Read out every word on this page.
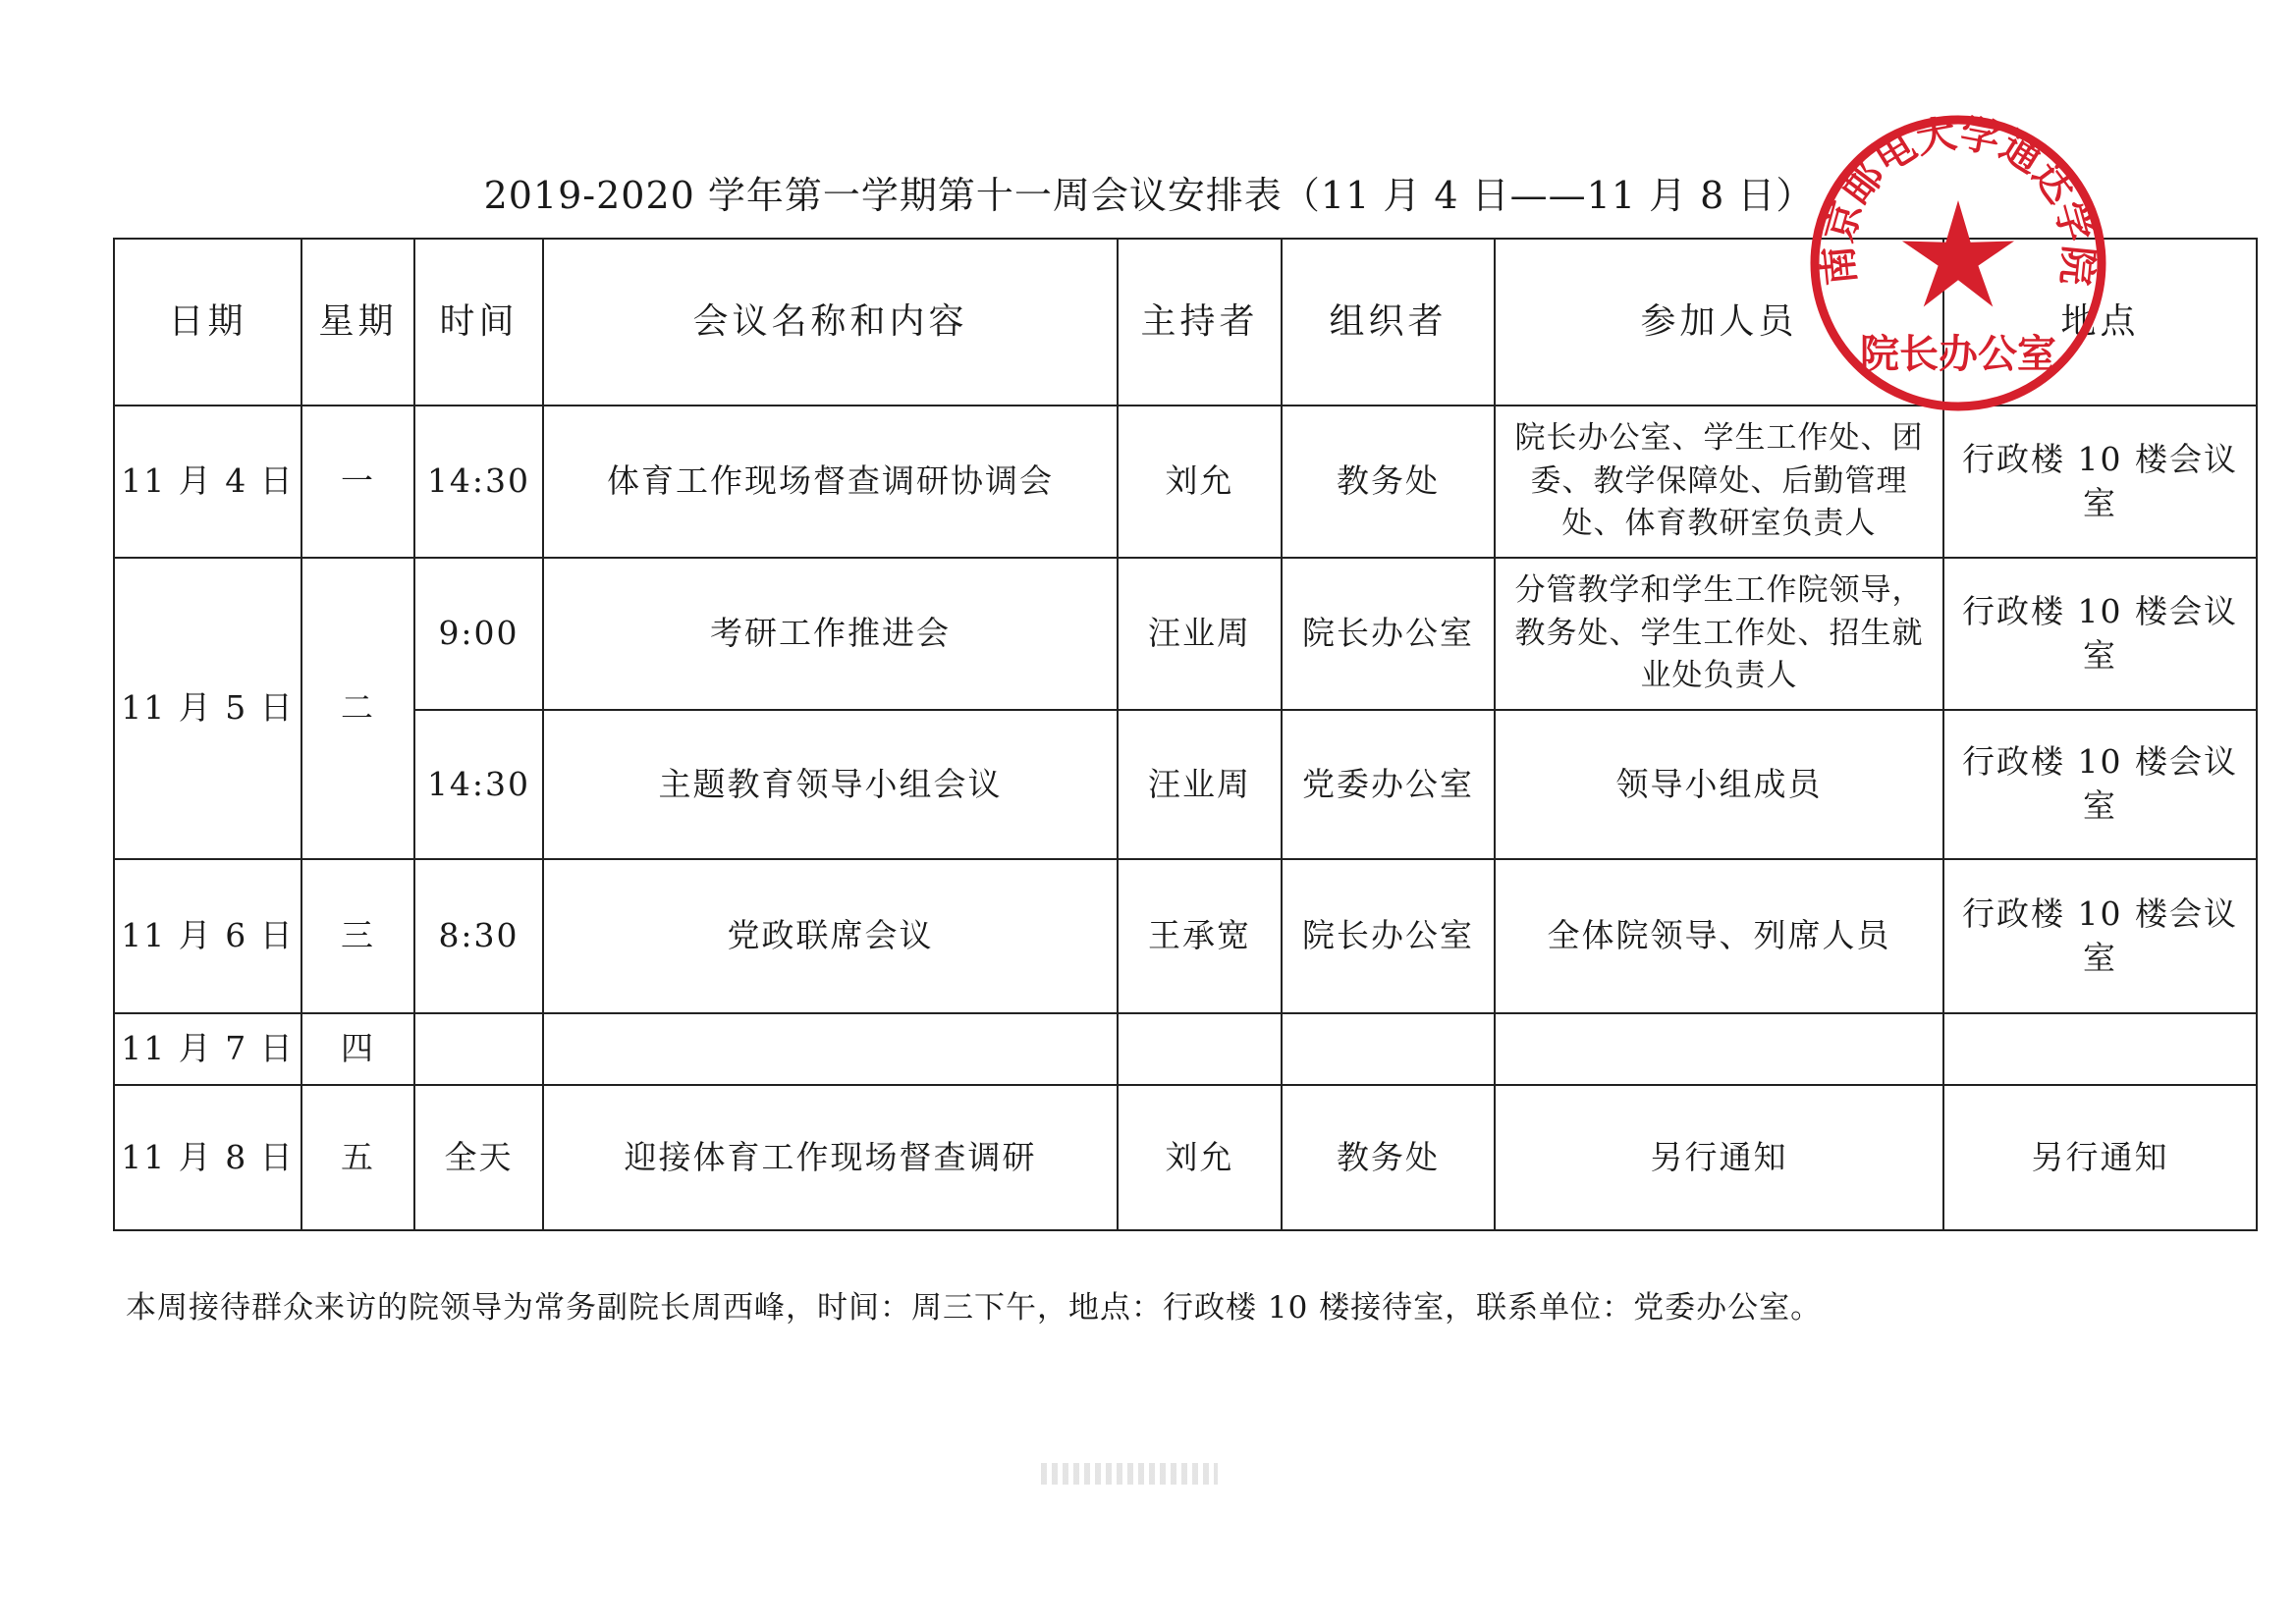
2019-2020 学年第一学期第十一周会议安排表（11 月 4 日——11 月 8 日）
日期	星期	时间	会议名称和内容	主持者	组织者	参加人员	地点
11 月 4 日	一	14:30	体育工作现场督查调研协调会	刘允	教务处	院长办公室、学生工作处、团委、教学保障处、后勤管理处、体育教研室负责人	行政楼 10 楼会议室
11 月 5 日	二	9:00	考研工作推进会	汪业周	院长办公室	分管教学和学生工作院领导，教务处、学生工作处、招生就业处负责人	行政楼 10 楼会议室
		14:30	主题教育领导小组会议	汪业周	党委办公室	领导小组成员	行政楼 10 楼会议室
11 月 6 日	三	8:30	党政联席会议	王承宽	院长办公室	全体院领导、列席人员	行政楼 10 楼会议室
11 月 7 日	四						
11 月 8 日	五	全天	迎接体育工作现场督查调研	刘允	教务处	另行通知	另行通知
本周接待群众来访的院领导为常务副院长周西峰，时间：周三下午，地点：行政楼 10 楼接待室，联系单位：党委办公室。
南京邮电大学通达学院
院长办公室
